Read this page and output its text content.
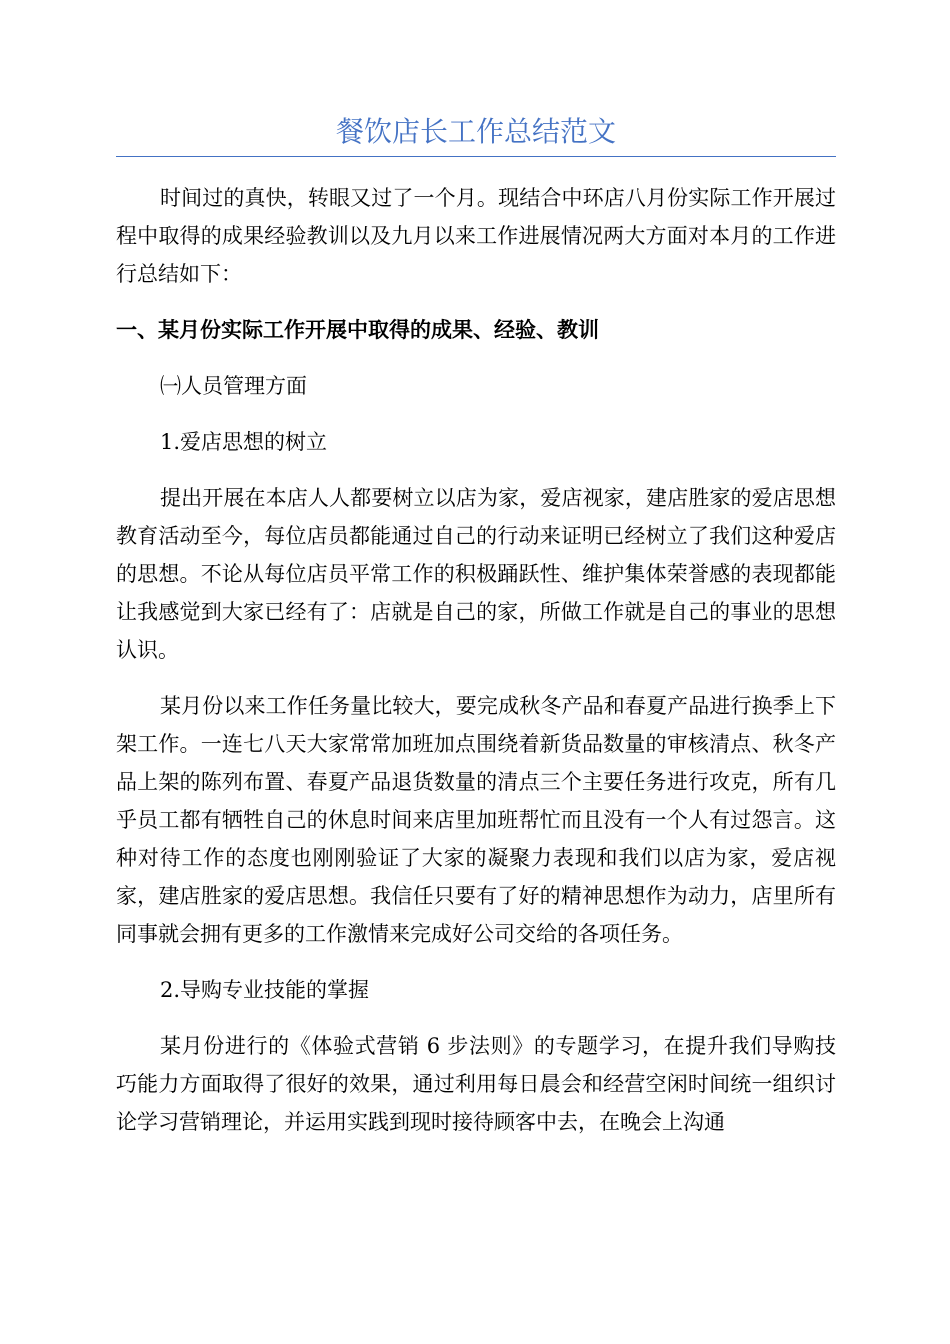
餐饮店长工作总结范文

时间过的真快，转眼又过了一个月。现结合中环店八月份实际工作开展过程中取得的成果经验教训以及九月以来工作进展情况两大方面对本月的工作进行总结如下：

一、某月份实际工作开展中取得的成果、经验、教训

㈠人员管理方面

1.爱店思想的树立

提出开展在本店人人都要树立以店为家，爱店视家，建店胜家的爱店思想教育活动至今，每位店员都能通过自己的行动来证明已经树立了我们这种爱店的思想。不论从每位店员平常工作的积极踊跃性、维护集体荣誉感的表现都能让我感觉到大家已经有了：店就是自己的家，所做工作就是自己的事业的思想认识。

某月份以来工作任务量比较大，要完成秋冬产品和春夏产品进行换季上下架工作。一连七八天大家常常加班加点围绕着新货品数量的审核清点、秋冬产品上架的陈列布置、春夏产品退货数量的清点三个主要任务进行攻克，所有几乎员工都有牺牲自己的休息时间来店里加班帮忙而且没有一个人有过怨言。这种对待工作的态度也刚刚验证了大家的凝聚力表现和我们以店为家，爱店视家，建店胜家的爱店思想。我信任只要有了好的精神思想作为动力，店里所有同事就会拥有更多的工作激情来完成好公司交给的各项任务。

2.导购专业技能的掌握

某月份进行的《体验式营销 6 步法则》的专题学习，在提升我们导购技巧能力方面取得了很好的效果，通过利用每日晨会和经营空闲时间统一组织讨论学习营销理论，并运用实践到现时接待顾客中去，在晚会上沟通
